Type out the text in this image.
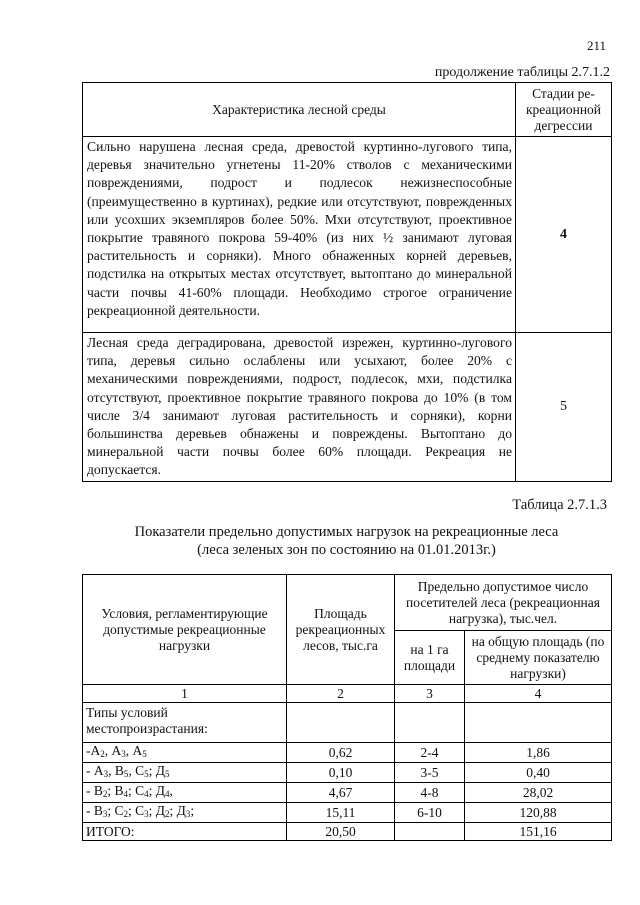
211
продолжение таблицы 2.7.1.2
Характеристика лесной среды	Стадии ре-
креационной
дегрессии
Сильно нарушена лесная среда, древостой куртинно-лугового типа, деревья значительно угнетены 11-20% стволов с механическими повреждениями, подрост и подлесок нежизнеспособные (преимущественно в куртинах), редкие или отсутствуют, поврежденных или усохших экземпляров более 50%. Мхи отсутствуют, проективное покрытие травяного покрова 59-40% (из них ½ занимают луговая растительность и сорняки). Много обнаженных корней деревьев, подстилка на открытых местах отсутствует, вытоптано до минеральной части почвы 41-60% площади. Необходимо строгое ограничение рекреационной деятельности.	4
Лесная среда деградирована, древостой изрежен, куртинно-лугового типа, деревья сильно ослаблены или усыхают, более 20% с механическими повреждениями, подрост, подлесок, мхи, подстилка отсутствуют, проективное покрытие травяного покрова до 10% (в том числе 3/4 занимают луговая растительность и сорняки), корни большинства деревьев обнажены и повреждены. Вытоптано до минеральной части почвы более 60% площади. Рекреация не допускается.	5
Таблица 2.7.1.3
Показатели предельно допустимых нагрузок на рекреационные леса
(леса зеленых зон по состоянию на 01.01.2013г.)
Условия, регламентирующие допустимые рекреационные нагрузки	Площадь рекреационных лесов, тыс.га	Предельно допустимое число посетителей леса (рекреационная нагрузка), тыс.чел.	
		на 1 га площади	на общую площадь (по среднему показателю нагрузки)
1	2	3	4
Типы условий местопроизрастания:			
$-А_2$, $А_3$, $А_5$	0,62	2-4	1,86
- $А_3$, $В_5$, $С_5$; $Д_5$	0,10	3-5	0,40
- $В_2$; $В_4$; $С_4$; $Д_4$,	4,67	4-8	28,02
- $В_3$; $С_2$; $С_3$; $Д_2$; $Д_3$;	15,11	6-10	120,88
ИТОГО:	20,50		151,16
